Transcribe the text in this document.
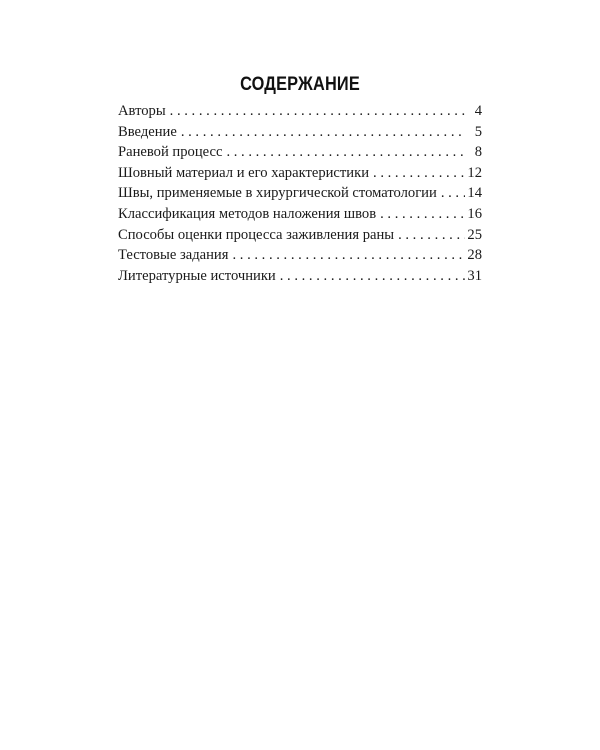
СОДЕРЖАНИЕ
Авторы . . .	4
Введение . . .	5
Раневой процесс . . .	8
Шовный материал и его характеристики . . .	12
Швы, применяемые в хирургической стоматологии . . . 14
Классификация методов наложения швов . . .	16
Способы оценки процесса заживления раны . . .	25
Тестовые задания . . .	28
Литературные источники . . .	31
